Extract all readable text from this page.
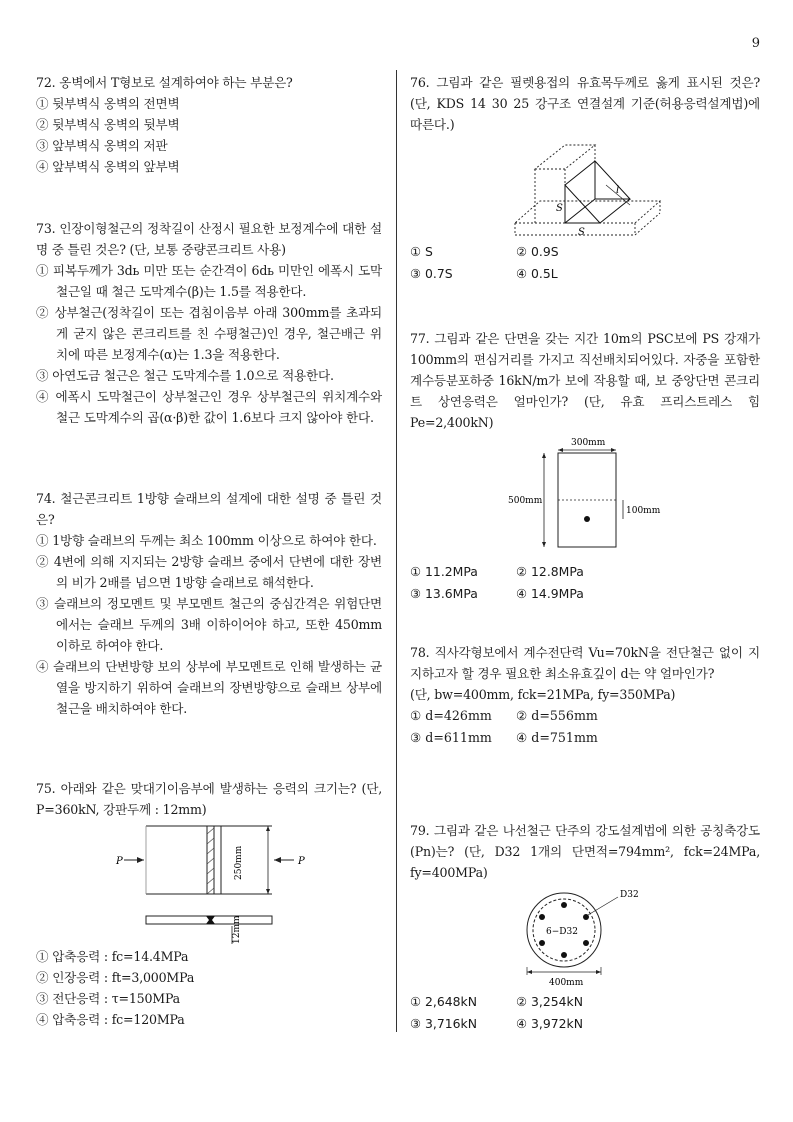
9
72. 옹벽에서 T형보로 설계하여야 하는 부분은?
① 뒷부벽식 옹벽의 전면벽
② 뒷부벽식 옹벽의 뒷부벽
③ 앞부벽식 옹벽의 저판
④ 앞부벽식 옹벽의 앞부벽
73. 인장이형철근의 정착길이 산정시 필요한 보정계수에 대한 설명 중 틀린 것은? (단, 보통 중량콘크리트 사용)
① 피복두께가 3dь 미만 또는 순간격이 6dь 미만인 에폭시 도막철근일 때 철근 도막계수(β)는 1.5를 적용한다.
② 상부철근(정착길이 또는 겹침이음부 아래 300mm를 초과되게 굳지 않은 콘크리트를 친 수평철근)인 경우, 철근배근 위치에 따른 보정계수(α)는 1.3을 적용한다.
③ 아연도금 철근은 철근 도막계수를 1.0으로 적용한다.
④ 에폭시 도막철근이 상부철근인 경우 상부철근의 위치계수와 철근 도막계수의 곱(α·β)한 값이 1.6보다 크지 않아야 한다.
74. 철근콘크리트 1방향 슬래브의 설계에 대한 설명 중 틀린 것은?
① 1방향 슬래브의 두께는 최소 100mm 이상으로 하여야 한다.
② 4변에 의해 지지되는 2방향 슬래브 중에서 단변에 대한 장변의 비가 2배를 넘으면 1방향 슬래브로 해석한다.
③ 슬래브의 정모멘트 및 부모멘트 철근의 중심간격은 위험단면에서는 슬래브 두께의 3배 이하이어야 하고, 또한 450mm 이하로 하여야 한다.
④ 슬래브의 단변방향 보의 상부에 부모멘트로 인해 발생하는 균열을 방지하기 위하여 슬래브의 장변방향으로 슬래브 상부에 철근을 배치하여야 한다.
75. 아래와 같은 맞대기이음부에 발생하는 응력의 크기는? (단, P=360kN, 강판두께 : 12mm)
P	P
250mm
12mm
① 압축응력 : fc=14.4MPa
② 인장응력 : ft=3,000MPa
③ 전단응력 : τ=150MPa
④ 압축응력 : fc=120MPa
76. 그림과 같은 필렛용접의 유효목두께로 옳게 표시된 것은? (단, KDS 14 30 25 강구조 연결설계 기준(허용응력설계법)에 따른다.)
S
S
l
① S	② 0.9S
③ 0.7S	④ 0.5L
77. 그림과 같은 단면을 갖는 지간 10m의 PSC보에 PS 강재가 100mm의 편심거리를 가지고 직선배치되어있다. 자중을 포함한 계수등분포하중 16kN/m가 보에 작용할 때, 보 중앙단면 콘크리트 상연응력은 얼마인가? (단, 유효 프리스트레스 힘 Pe=2,400kN)
300mm
500mm
100mm
① 11.2MPa	② 12.8MPa
③ 13.6MPa	④ 14.9MPa
78. 직사각형보에서 계수전단력 Vu=70kN을 전단철근 없이 지지하고자 할 경우 필요한 최소유효깊이 d는 약 얼마인가?
(단, bw=400mm, fck=21MPa, fy=350MPa)
① d=426mm	② d=556mm
③ d=611mm	④ d=751mm
79. 그림과 같은 나선철근 단주의 강도설계법에 의한 공칭축강도(Pn)는? (단, D32 1개의 단면적=794mm², fck=24MPa, fy=400MPa)
6−D32
D32
400mm
① 2,648kN	② 3,254kN
③ 3,716kN	④ 3,972kN
